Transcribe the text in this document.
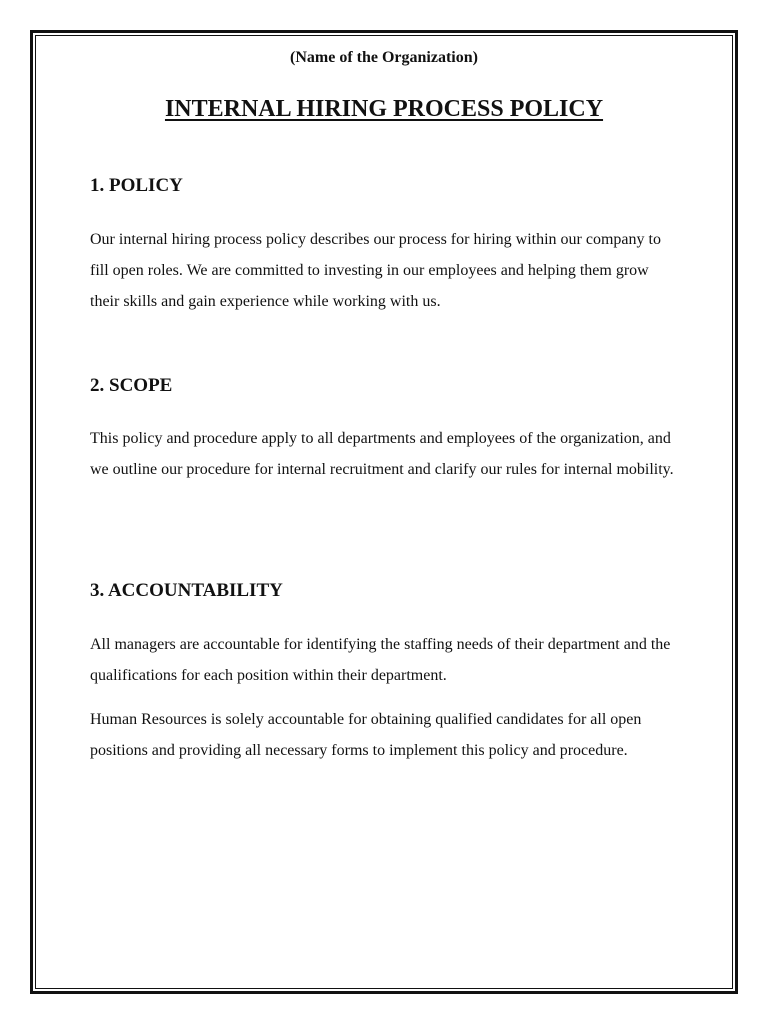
(Name of the Organization)
INTERNAL HIRING PROCESS POLICY
1. POLICY

Our internal hiring process policy describes our process for hiring within our company to fill open roles. We are committed to investing in our employees and helping them grow their skills and gain experience while working with us.

2. SCOPE

This policy and procedure apply to all departments and employees of the organization, and we outline our procedure for internal recruitment and clarify our rules for internal mobility.

3. ACCOUNTABILITY

All managers are accountable for identifying the staffing needs of their department and the qualifications for each position within their department.

Human Resources is solely accountable for obtaining qualified candidates for all open positions and providing all necessary forms to implement this policy and procedure.
